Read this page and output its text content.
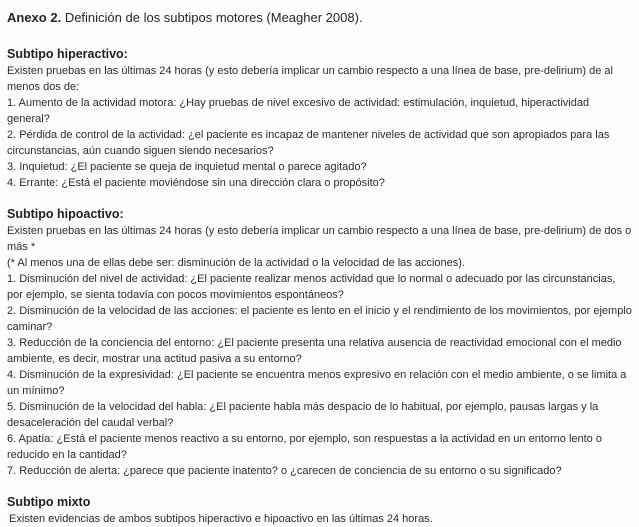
Anexo 2. Definición de los subtipos motores (Meagher 2008).

Subtipo hiperactivo:

Existen pruebas en las últimas 24 horas (y esto debería implicar un cambio respecto a una línea de base, pre-delirium) de al menos dos de:

1. Aumento de la actividad motora: ¿Hay pruebas de nivel excesivo de actividad: estimulación, inquietud, hiperactividad general?

2. Pérdida de control de la actividad: ¿el paciente es incapaz de mantener niveles de actividad que son apropiados para las circunstancias, aún cuando siguen siendo necesarios?

3. Inquietud: ¿El paciente se queja de inquietud mental o parece agitado?

4. Errante: ¿Está el paciente moviéndose sin una dirección clara o propósito?

Subtipo hipoactivo:

Existen pruebas en las últimas 24 horas (y esto debería implicar un cambio respecto a una línea de base, pre-delirium) de dos o más *

(* Al menos una de ellas debe ser: disminución de la actividad o la velocidad de las acciones).

1. Disminución del nivel de actividad: ¿El paciente realizar menos actividad que lo normal o adecuado por las circunstancias, por ejemplo, se sienta todavía con pocos movimientos espontáneos?

2. Disminución de la velocidad de las acciones: el paciente es lento en el inicio y el rendimiento de los movimientos, por ejemplo caminar?

3. Reducción de la conciencia del entorno: ¿El paciente presenta una relativa ausencia de reactividad emocional con el medio ambiente, es decir, mostrar una actitud pasiva a su entorno?

4. Disminución de la expresividad: ¿El paciente se encuentra menos expresivo en relación con el medio ambiente, o se limita a un mínimo?

5. Disminución de la velocidad del habla: ¿El paciente habla más despacio de lo habitual, por ejemplo, pausas largas y la desaceleración del caudal verbal?

6. Apatía: ¿Está el paciente menos reactivo a su entorno, por ejemplo, son respuestas a la actividad en un entorno lento o reducido en la cantidad?

7. Reducción de alerta: ¿parece que paciente inatento? o ¿carecen de conciencia de su entorno o su significado?

Subtipo mixto

Existen evidencias de ambos subtipos hiperactivo e hipoactivo en las últimas 24 horas.
